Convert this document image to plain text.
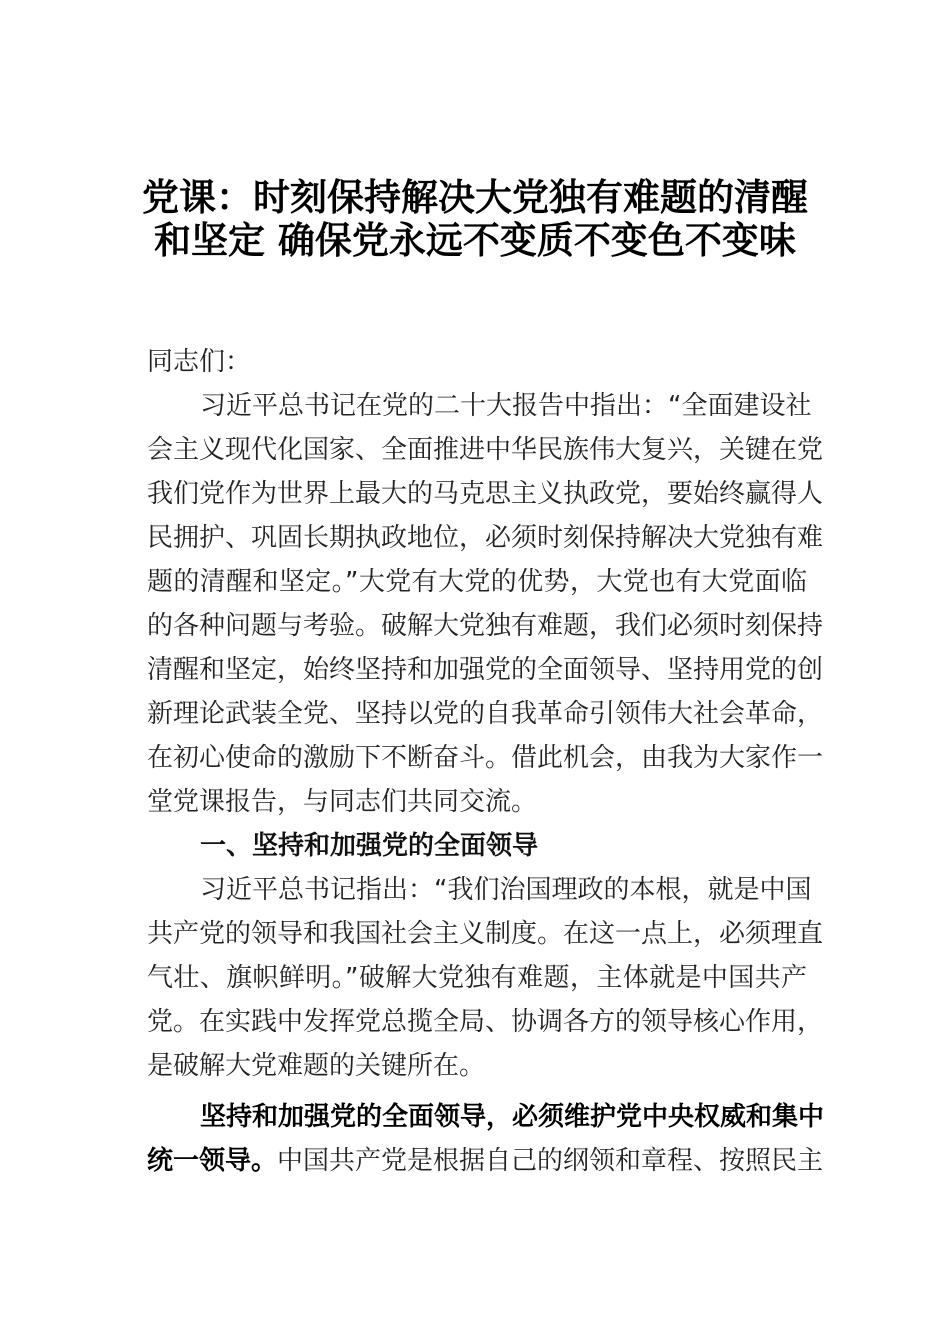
党课：时刻保持解决大党独有难题的清醒
和坚定 确保党永远不变质不变色不变味
同志们：
习近平总书记在党的二十大报告中指出：“全面建设社
会主义现代化国家、全面推进中华民族伟大复兴，关键在党
我们党作为世界上最大的马克思主义执政党，要始终赢得人
民拥护、巩固长期执政地位，必须时刻保持解决大党独有难
题的清醒和坚定。”大党有大党的优势，大党也有大党面临
的各种问题与考验。破解大党独有难题，我们必须时刻保持
清醒和坚定，始终坚持和加强党的全面领导、坚持用党的创
新理论武装全党、坚持以党的自我革命引领伟大社会革命，
在初心使命的激励下不断奋斗。借此机会，由我为大家作一
堂党课报告，与同志们共同交流。
一、坚持和加强党的全面领导
习近平总书记指出：“我们治国理政的本根，就是中国
共产党的领导和我国社会主义制度。在这一点上，必须理直
气壮、旗帜鲜明。”破解大党独有难题，主体就是中国共产
党。在实践中发挥党总揽全局、协调各方的领导核心作用，
是破解大党难题的关键所在。
坚持和加强党的全面领导，必须维护党中央权威和集中
统一领导。中国共产党是根据自己的纲领和章程、按照民主
